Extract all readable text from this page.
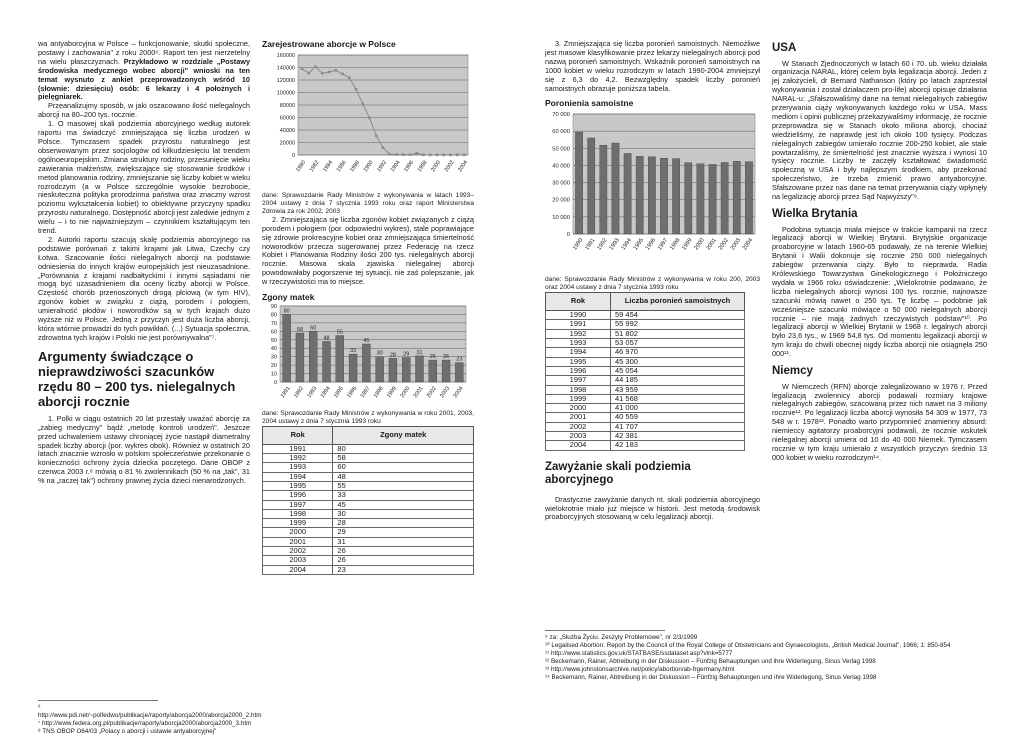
wa antyaborcyjna w Polsce – funkcjonowanie, skutki społeczne, postawy i zachowania" z roku 2000⁶. Raport ten jest nierzetelny na wielu płaszczyznach. Przykładowo w rozdziale „Postawy środowiska medycznego wobec aborcji" wnioski na ten temat wysnuto z ankiet przeprowadzonych wśród 10 (słownie: dziesięciu) osób: 6 lekarzy i 4 położnych i pielęgniarek.

Przeanalizujmy sposób, w jaki oszacowano ilość nielegalnych aborcji na 80–200 tys. rocznie.

1. O masowej skali podziemia aborcyjnego według autorek raportu ma świadczyć zmniejszająca się liczba urodzeń w Polsce. Tymczasem spadek przyrostu naturalnego jest obserwowanym przez socjologów od kilkudziesięciu lat trendem ogólnoeuropejskim. Zmiana struktury rodziny, przesunięcie wieku zawierania małżeństw, zwiększające się stosowanie środków i metod planowania rodziny, zmniejszanie się liczby kobiet w wieku rozrodczym (a w Polsce szczególnie wysokie bezrobocie, nieskuteczna polityka prorodzinna państwa oraz znaczny wzrost poziomu wykształcenia kobiet) to obiektywne przyczyny spadku przyrostu naturalnego. Dostępność aborcji jest zaledwie jednym z wielu – i to nie najważniejszym – czynnikiem kształtującym ten trend.

2. Autorki raportu szacują skalę podziemia aborcyjnego na podstawie porównań z takimi krajami jak Litwa, Czechy czy Łotwa. Szacowanie ilości nielegalnych aborcji na podstawie odniesienia do innych krajów europejskich jest nieuzasadnione. „Porównania z krajami nadbałtyckimi i innymi sąsiadami nie mogą być uzasadnieniem dla oceny liczby aborcji w Polsce. Częstość chorób przenoszonych drogą płciową (w tym HIV), zgonów kobiet w związku z ciążą, porodem i połogiem, umieralność płodów i noworodków są w tych krajach dużo wyższe niż w Polsce. Jedną z przyczyn jest duża liczba aborcji, która wtórnie prowadzi do tych powikłań. (...) Sytuacja społeczna, zdrowotna tych krajów i Polski nie jest porównywalna"⁷.

Argumenty świadczące o nieprawdziwości szacunków rzędu 80 – 200 tys. nielegalnych aborcji rocznie

1. Polki w ciągu ostatnich 20 lat przestały uważać aborcję za „zabieg medyczny" bądź „metodę kontroli urodzeń". Jeszcze przed uchwaleniem ustawy chroniącej życie nastąpił diametralny spadek liczby aborcji (por. wykres obok). Również w ostatnich 20 latach znacznie wzrosło w polskim społeczeństwie przekonanie o konieczności ochrony życia dziecka poczętego. Dane OBOP z czerwca 2003 r.⁸ mówią o 81 % zwolennikach (50 % na „tak", 31 % na „raczej tak") ochrony prawnej życia dzieci nienarodzonych.

⁶ http://www.pdi.net/~polfedwo/publikacje/raporty/aborcja2000/aborcja2000_2.htm
⁷ http://www.federa.org.pl/publikacje/raporty/aborcja2000/aborcja2000_3.htm
⁸ TNS OBOP O64/03 „Polacy o aborcji i ustawie antyaborcyjnej"

Zarejestrowane aborcje w Polsce

0
20000
40000
60000
80000
100000
120000
140000
160000
1980 1982 1984 1986 1988 1990 1992 1994 1996 1998 2000 2002 2004

dane: Sprawozdanie Rady Ministrów z wykonywania w latach 1993–2004 ustawy z dnia 7 stycznia 1993 roku oraz raport Ministerstwa Zdrowia za rok 2002, 2003

2. Zmniejszająca się liczba zgonów kobiet związanych z ciążą porodem i połogiem (por. odpowiedni wykres), stale poprawiające się zdrowie prokreacyjne kobiet oraz zmniejszająca śmiertelność noworodków przecza sugerowanej przez Federację na rzecz Kobiet i Planowania Rodziny ilości 200 tys. nielegalnych aborcji rocznie. Masowa skala zjawiska nielegalnej aborcji powodowałaby pogorszenie tej sytuacji, nie zaś polepszanie, jak w rzeczywistości ma to miejsce.

Zgony matek

0
10
20
30
40
50
60
70
80
90
80
1991
58
1992
60
1993
48
1994
55
1995
33
1996
45
1997
30
1998
28
1999
29
2000
31
2001
26
2002
26
2003
23
2004

dane: Sprawozdanie Rady Ministrów z wykonywania w roku 2001, 2003, 2004 ustawy z dnia 7 stycznia 1993 roku

Rok	Zgony matek
1991	80
1992	58
1993	60
1994	48
1995	55
1996	33
1997	45
1998	30
1999	28
2000	29
2001	31
2002	26
2003	26
2004	23

3. Zmniejszająca się liczba poronień samoistnych. Niemożliwe jest masowe klasyfikowanie przez lekarzy nielegalnych aborcji pod nazwą poronień samoistnych. Wskaźnik poronień samoistnych na 1000 kobiet w wieku rozrodczym w latach 1990-2004 zmniejszył się z 6,3 do 4,2. Bezwzględny spadek liczby poronień samoistnych obrazuje poniższa tabela.

Poronienia samoistne

0
10 000
20 000
30 000
40 000
50 000
60 000
70 000
1990 1991 1992 1993 1994 1995 1996 1997 1998 1999 2000 2001 2002 2003 2004

dane: Sprawozdanie Rady Ministrów z wykonywania w roku 200, 2003 oraz 2004 ustawy z dnia 7 stycznia 1993 roku

Rok	Liczba poronień samoistnych
1990	59 454
1991	55 992
1992	51 802
1993	53 057
1994	46 970
1995	45 300
1996	45 054
1997	44 185
1998	43 959
1999	41 568
2000	41 000
2001	40 559
2002	41 707
2003	42 381
2004	42 183
Zawyżanie skali podziemia aborcyjnego

Drastyczne zawyżanie danych nt. skali podziemia aborcyjnego wielokrotnie miało już miejsce w historii. Jest metodą środowisk proaborcyjnych stosowaną w celu legalizacji aborcji.

⁹ za: „Służba Życiu. Zeszyty Problemowe", nr 2/3/1999
¹⁰ Legalised Abortion: Report by the Council of the Royal College of Obstetricians and Gynaecologists, „British Medical Journal", 1966; 1: 850-854
¹¹ http://www.statistics.gov.uk/STATBASE/ssdataset.asp?vlnk=5777
¹² Beckemann, Rainer, Abtreibung in der Diskussion – Fünfzig Behauptungen und ihre Widerlegung, Sinus Verlag 1998
¹³ http://www.johnstonsarchive.net/policy/abortion/ab-frgermany.html
¹⁴ Beckemann, Rainer, Abtreibung in der Diskussion – Fünfzig Behauptungen und ihre Widerlegung, Sinus Verlag 1998
USA

W Stanach Zjednoczonych w latach 60 i 70. ub. wieku działała organizacja NARAL, której celem była legalizacja aborcji. Jeden z jej założycieli, dr Bernard Nathanson (który po latach zaprzestał wykonywania i został działaczem pro-life) aborcji opisuje działania NARAL-u: „Sfałszowaliśmy dane na temat nielegalnych zabiegów przerywania ciąży wykonywanych każdego roku w USA. Mass mediom i opinii publicznej przekazywaliśmy informację, że rocznie przeprowadza się w Stanach około miliona aborcji, chociaż wiedzieliśmy, że naprawdę jest ich około 100 tysięcy. Podczas nielegalnych zabiegów umierało rocznie 200-250 kobiet, ale stale powtarzaliśmy, że śmiertelność jest znacznie wyższa i wynosi 10 tysięcy rocznie. Liczby te zaczęły kształtować świadomość społeczną w USA i były najlepszym środkiem, aby przekonać społeczeństwo, że trzeba zmienić prawo antyaborcyjne. Sfałszowane przez nas dane na temat przerywania ciąży wpłynęły na legalizację aborcji przez Sąd Najwyższy"⁹.

Wielka Brytania

Podobna sytuacja miała miejsce w trakcie kampanii na rzecz legalizacji aborcji w Wielkiej Brytanii. Brytyjskie organizacje proaborcyjne w latach 1960-65 podawały, że na terenie Wielkiej Brytanii i Walii dokonuje się rocznie 250 000 nielegalnych zabiegów przerwania ciąży. Było to nieprawda. Radia Królewskiego Towarzystwa Ginekologicznego i Położniczego wydała w 1966 roku oświadczenie: „Wielokrotnie podawano, że liczba nielegalnych aborcji wynosi 100 tys. rocznie, najnowsze szacunki mówią nawet o 250 tys. Tę liczbę – podobnie jak wcześniejsze szacunki mówiące o 50 000 nielegalnych aborcji rocznie – nie mają żadnych rzeczywistych podstaw"¹⁰. Po legalizacji aborcji w Wielkiej Brytanii w 1968 r. legalnych aborcji było 23,6 tys., w 1969 54,8 tys. Od momentu legalizacji aborcji w tym kraju do chwili obecnej nigdy liczba aborcji nie osiągnęła 250 000¹¹.

Niemcy

W Niemczech (RFN) aborcje zalegalizowano w 1976 r. Przed legalizacją zwolennicy aborcji podawali rozmiary krajowe nielegalnych zabiegów, szacowaną przez nich nawet na 3 miliony rocznie¹². Po legalizacji liczba aborcji wynosiła 54 309 w 1977, 73 548 w r. 1978¹³. Ponadto warto przypomnieć znamienny absurd: niemieccy agitatorzy proaborcyjni podawali, że rocznie wskutek nielegalnej aborcji umiera od 10 do 40 000 Niemek. Tymczasem rocznie w tym kraju umierało z wszystkich przyczyn średnio 13 000 kobiet w wieku rozrodczym¹⁴.
